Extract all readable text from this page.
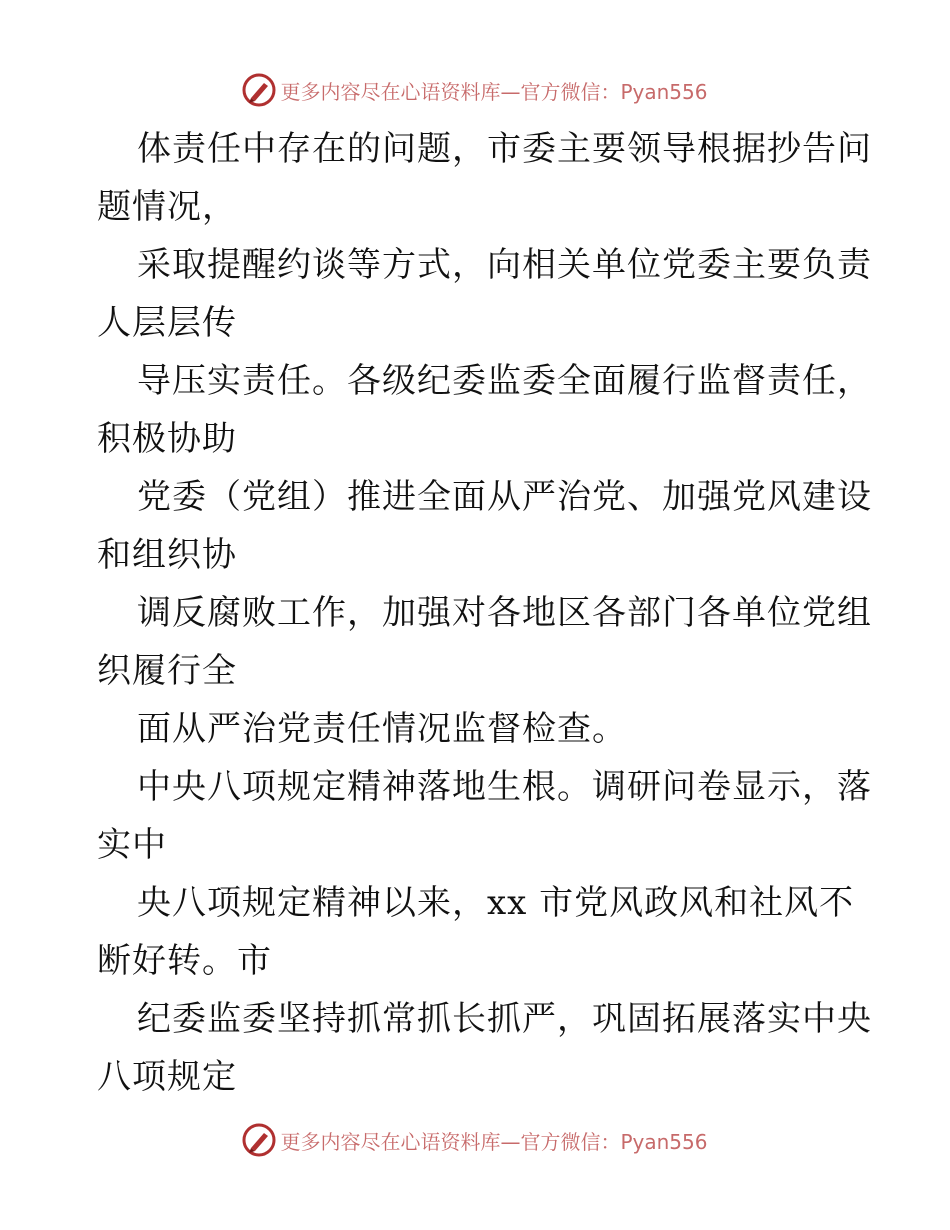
更多内容尽在心语资料库—官方微信：Pyan556
体责任中存在的问题，市委主要领导根据抄告问
题情况，
采取提醒约谈等方式，向相关单位党委主要负责
人层层传
导压实责任。各级纪委监委全面履行监督责任，
积极协助
党委（党组）推进全面从严治党、加强党风建设
和组织协
调反腐败工作，加强对各地区各部门各单位党组
织履行全
面从严治党责任情况监督检查。
中央八项规定精神落地生根。调研问卷显示，落
实中
央八项规定精神以来，xx 市党风政风和社风不
断好转。市
纪委监委坚持抓常抓长抓严，巩固拓展落实中央
八项规定
更多内容尽在心语资料库—官方微信：Pyan556
